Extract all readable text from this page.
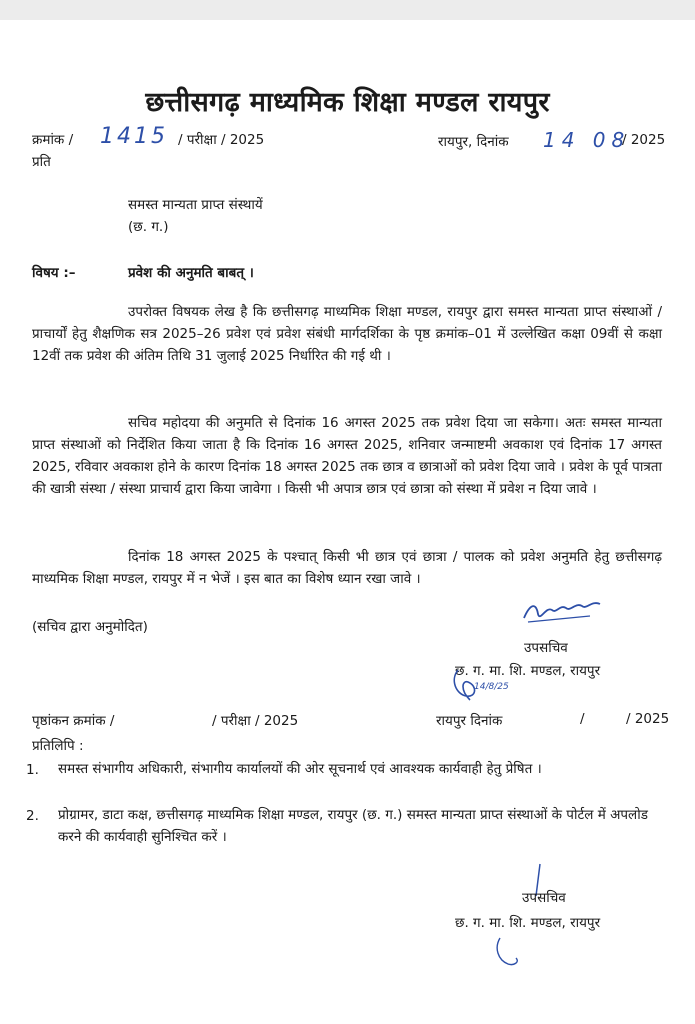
छत्तीसगढ़ माध्यमिक शिक्षा मण्डल रायपुर
क्रमांक / 1415 / परीक्षा / 2025	रायपुर, दिनांक 14 08
/ 2025
प्रति
समस्त मान्यता प्राप्त संस्थायें
(छ. ग.)
विषय :–	प्रवेश की अनुमति बाबत् ।
उपरोक्त विषयक लेख है कि छत्तीसगढ़ माध्यमिक शिक्षा मण्डल, रायपुर द्वारा समस्त मान्यता प्राप्त संस्थाओं / प्राचार्यों हेतु शैक्षणिक सत्र 2025–26 प्रवेश एवं प्रवेश संबंधी मार्गदर्शिका के पृष्ठ क्रमांक–01 में उल्लेखित कक्षा 09वीं से कक्षा 12वीं तक प्रवेश की अंतिम तिथि 31 जुलाई 2025 निर्धारित की गई थी ।
सचिव महोदया की अनुमति से दिनांक 16 अगस्त 2025 तक प्रवेश दिया जा सकेगा। अतः समस्त मान्यता प्राप्त संस्थाओं को निर्देशित किया जाता है कि दिनांक 16 अगस्त 2025, शनिवार जन्माष्टमी अवकाश एवं दिनांक 17 अगस्त 2025, रविवार अवकाश होने के कारण दिनांक 18 अगस्त 2025 तक छात्र व छात्राओं को प्रवेश दिया जावे । प्रवेश के पूर्व पात्रता की खात्री संस्था / संस्था प्राचार्य द्वारा किया जावेगा । किसी भी अपात्र छात्र एवं छात्रा को संस्था में प्रवेश न दिया जावे ।
दिनांक 18 अगस्त 2025 के पश्चात् किसी भी छात्र एवं छात्रा / पालक को प्रवेश अनुमति हेतु छत्तीसगढ़ माध्यमिक शिक्षा मण्डल, रायपुर में न भेजें । इस बात का विशेष ध्यान रखा जावे ।
(सचिव द्वारा अनुमोदित)
उपसचिव
छ. ग. मा. शि. मण्डल, रायपुर
14/8/25
पृष्ठांकन क्रमांक /	/ परीक्षा / 2025	रायपुर दिनांक	/	/ 2025
प्रतिलिपि :
1. समस्त संभागीय अधिकारी, संभागीय कार्यालयों की ओर सूचनार्थ एवं आवश्यक कार्यवाही हेतु प्रेषित ।
2. प्रोग्रामर, डाटा कक्ष, छत्तीसगढ़ माध्यमिक शिक्षा मण्डल, रायपुर (छ. ग.) समस्त मान्यता प्राप्त संस्थाओं के पोर्टल में अपलोड करने की कार्यवाही सुनिश्चित करें ।
उपसचिव
छ. ग. मा. शि. मण्डल, रायपुर
